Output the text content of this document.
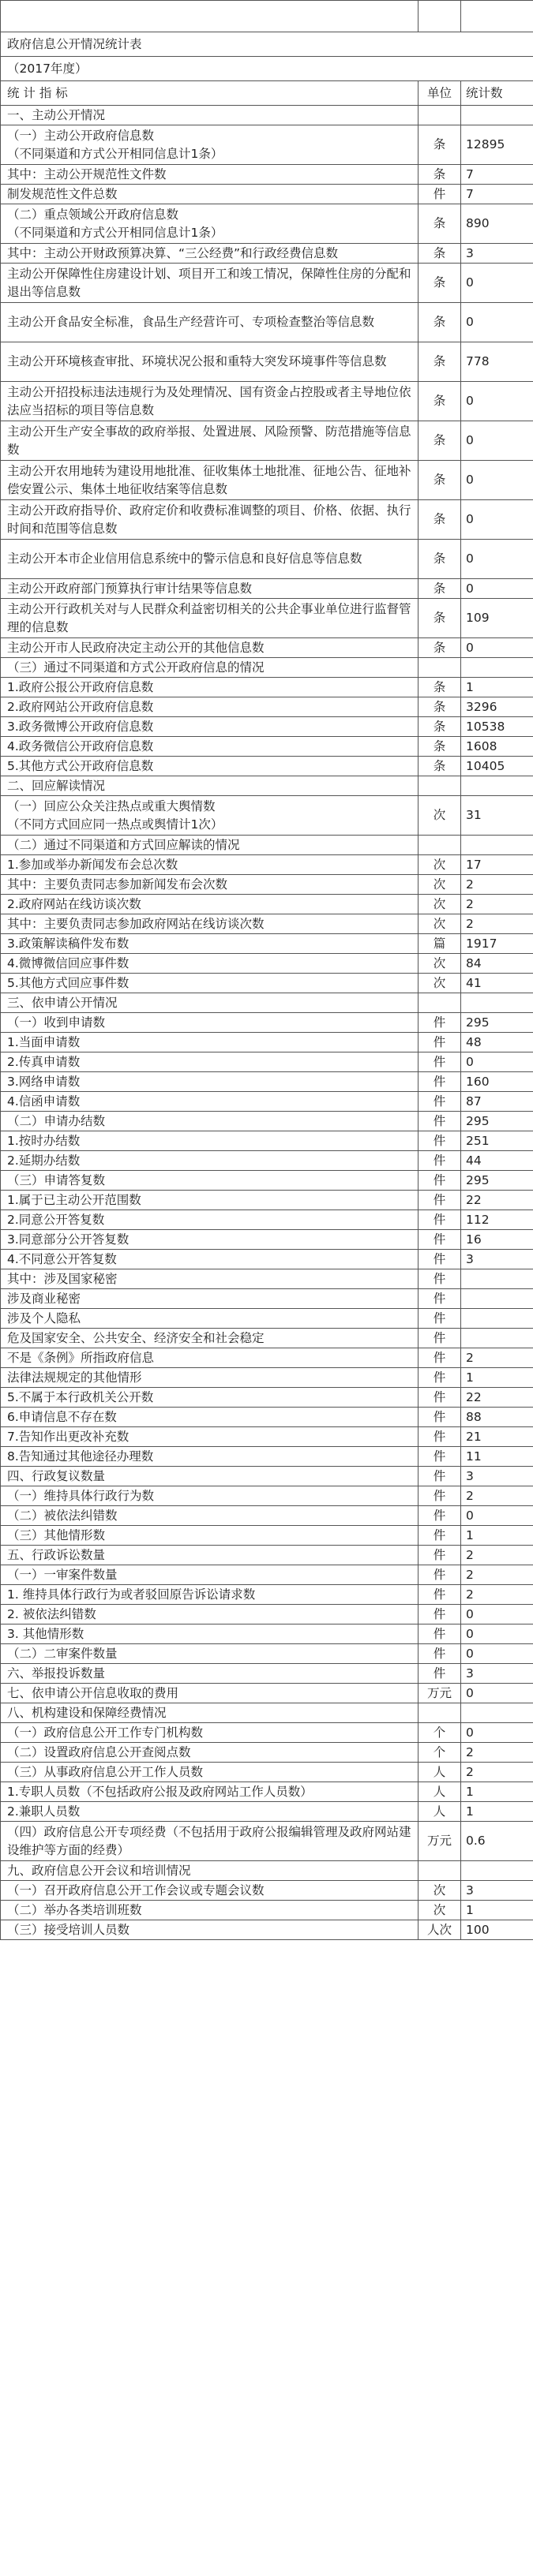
政府信息公开情况统计表		
（2017年度）		
统 计 指 标	单位	统计数
一、主动公开情况		
（一）主动公开政府信息数
（不同渠道和方式公开相同信息计1条）	条	12895
其中：主动公开规范性文件数	条	7
制发规范性文件总数	件	7
（二）重点领域公开政府信息数
（不同渠道和方式公开相同信息计1条）	条	890
其中：主动公开财政预算决算、“三公经费”和行政经费信息数	条	3
主动公开保障性住房建设计划、项目开工和竣工情况，保障性住房的分配和退出等信息数	条	0
主动公开食品安全标准，食品生产经营许可、专项检查整治等信息数	条	0
主动公开环境核查审批、环境状况公报和重特大突发环境事件等信息数	条	778
主动公开招投标违法违规行为及处理情况、国有资金占控股或者主导地位依法应当招标的项目等信息数	条	0
主动公开生产安全事故的政府举报、处置进展、风险预警、防范措施等信息数	条	0
主动公开农用地转为建设用地批准、征收集体土地批准、征地公告、征地补偿安置公示、集体土地征收结案等信息数	条	0
主动公开政府指导价、政府定价和收费标准调整的项目、价格、依据、执行时间和范围等信息数	条	0
主动公开本市企业信用信息系统中的警示信息和良好信息等信息数	条	0
主动公开政府部门预算执行审计结果等信息数	条	0
主动公开行政机关对与人民群众利益密切相关的公共企事业单位进行监督管理的信息数	条	109
主动公开市人民政府决定主动公开的其他信息数	条	0
（三）通过不同渠道和方式公开政府信息的情况		
1.政府公报公开政府信息数	条	1
2.政府网站公开政府信息数	条	3296
3.政务微博公开政府信息数	条	10538
4.政务微信公开政府信息数	条	1608
5.其他方式公开政府信息数	条	10405
二、回应解读情况		
（一）回应公众关注热点或重大舆情数
（不同方式回应同一热点或舆情计1次）	次	31
（二）通过不同渠道和方式回应解读的情况		
1.参加或举办新闻发布会总次数	次	17
其中：主要负责同志参加新闻发布会次数	次	2
2.政府网站在线访谈次数	次	2
其中：主要负责同志参加政府网站在线访谈次数	次	2
3.政策解读稿件发布数	篇	1917
4.微博微信回应事件数	次	84
5.其他方式回应事件数	次	41
三、依申请公开情况		
（一）收到申请数	件	295
1.当面申请数	件	48
2.传真申请数	件	0
3.网络申请数	件	160
4.信函申请数	件	87
（二）申请办结数	件	295
1.按时办结数	件	251
2.延期办结数	件	44
（三）申请答复数	件	295
1.属于已主动公开范围数	件	22
2.同意公开答复数	件	112
3.同意部分公开答复数	件	16
4.不同意公开答复数	件	3
其中：涉及国家秘密	件	
涉及商业秘密	件	
涉及个人隐私	件	
危及国家安全、公共安全、经济安全和社会稳定	件	
不是《条例》所指政府信息	件	2
法律法规规定的其他情形	件	1
5.不属于本行政机关公开数	件	22
6.申请信息不存在数	件	88
7.告知作出更改补充数	件	21
8.告知通过其他途径办理数	件	11
四、行政复议数量	件	3
（一）维持具体行政行为数	件	2
（二）被依法纠错数	件	0
（三）其他情形数	件	1
五、行政诉讼数量	件	2
（一）一审案件数量	件	2
1. 维持具体行政行为或者驳回原告诉讼请求数	件	2
2. 被依法纠错数	件	0
3. 其他情形数	件	0
（二）二审案件数量	件	0
六、举报投诉数量	件	3
七、依申请公开信息收取的费用	万元	0
八、机构建设和保障经费情况		
（一）政府信息公开工作专门机构数	个	0
（二）设置政府信息公开查阅点数	个	2
（三）从事政府信息公开工作人员数	人	2
1.专职人员数（不包括政府公报及政府网站工作人员数）	人	1
2.兼职人员数	人	1
（四）政府信息公开专项经费（不包括用于政府公报编辑管理及政府网站建设维护等方面的经费）	万元	0.6
九、政府信息公开会议和培训情况		
（一）召开政府信息公开工作会议或专题会议数	次	3
（二）举办各类培训班数	次	1
（三）接受培训人员数	人次	100
